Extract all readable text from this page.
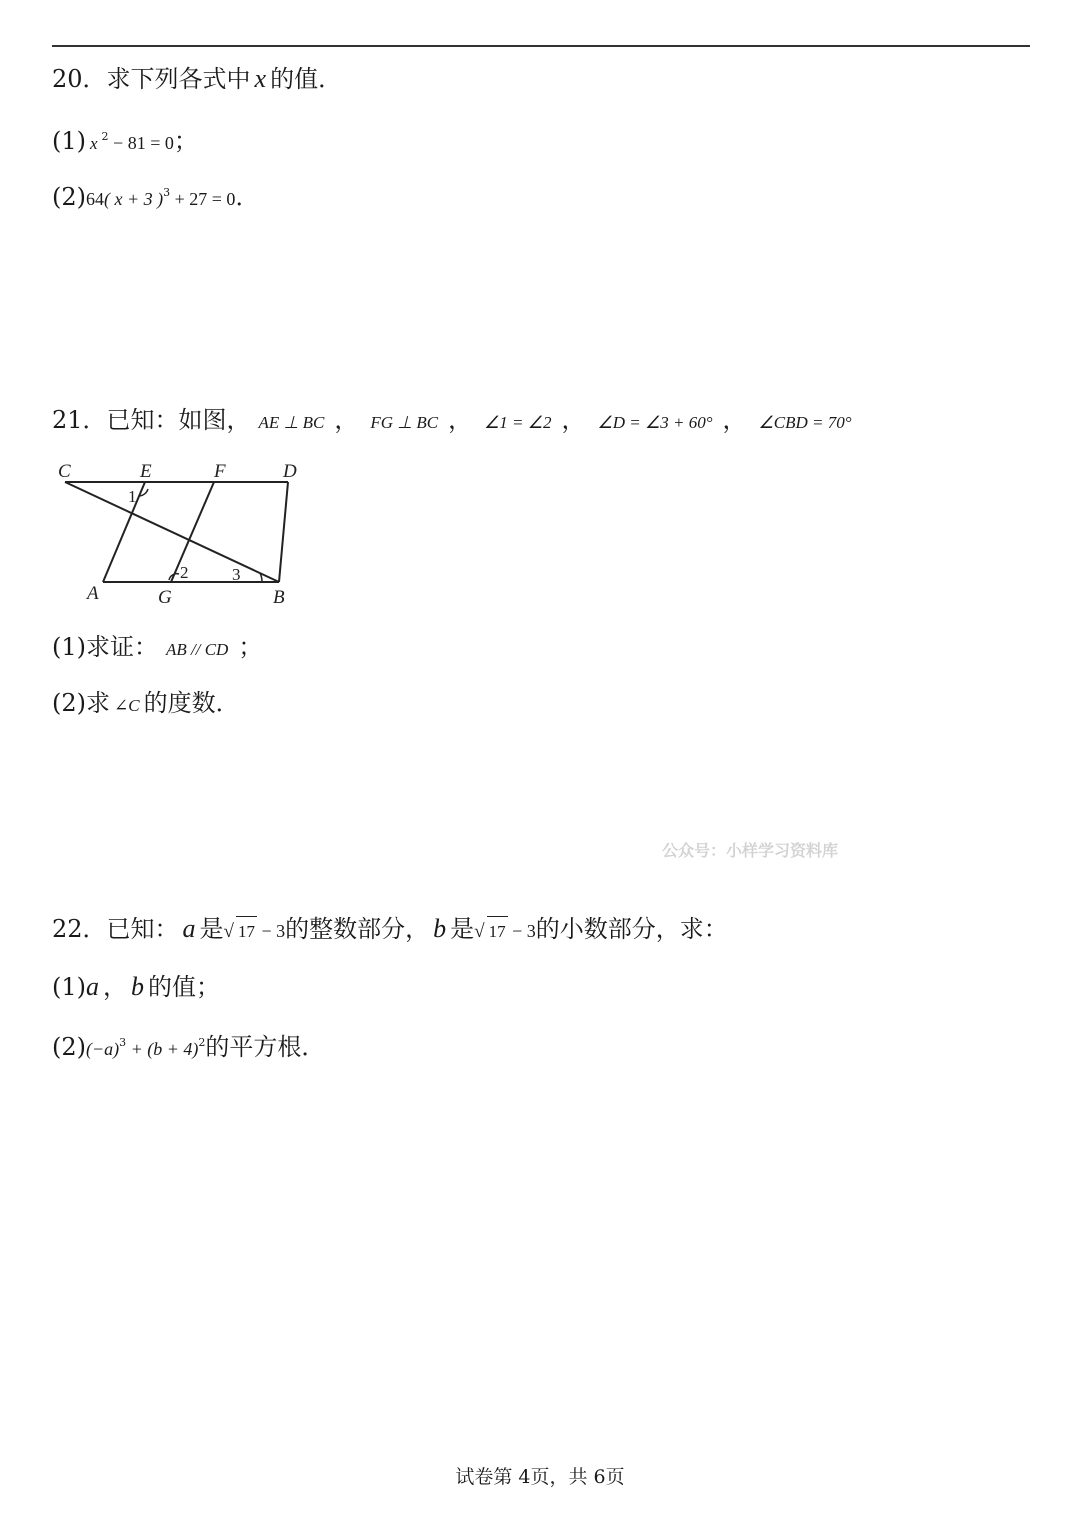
20．求下列各式中 x 的值．
(1) x $^2$ − 81 = 0；
(2)64( x + 3 )$^3$ + 27 = 0．
21．已知：如图， AE ⊥ BC ， FG ⊥ BC ， ∠1 = ∠2 ， ∠D = ∠3 + 60° ， ∠CBD = 70°
C	E	F	D
A	G	B
1
2	3
(1)求证： AB // CD ；
(2)求 ∠C 的度数．
公众号：小样学习资料库
22．已知： a 是√ 17 − 3的整数部分， b 是√ 17 − 3的小数部分，求：
(1)a ， b 的值；
$(2)(-a)^3 + (b + 4)^2$的平方根．
试卷第 4页，共 6页
